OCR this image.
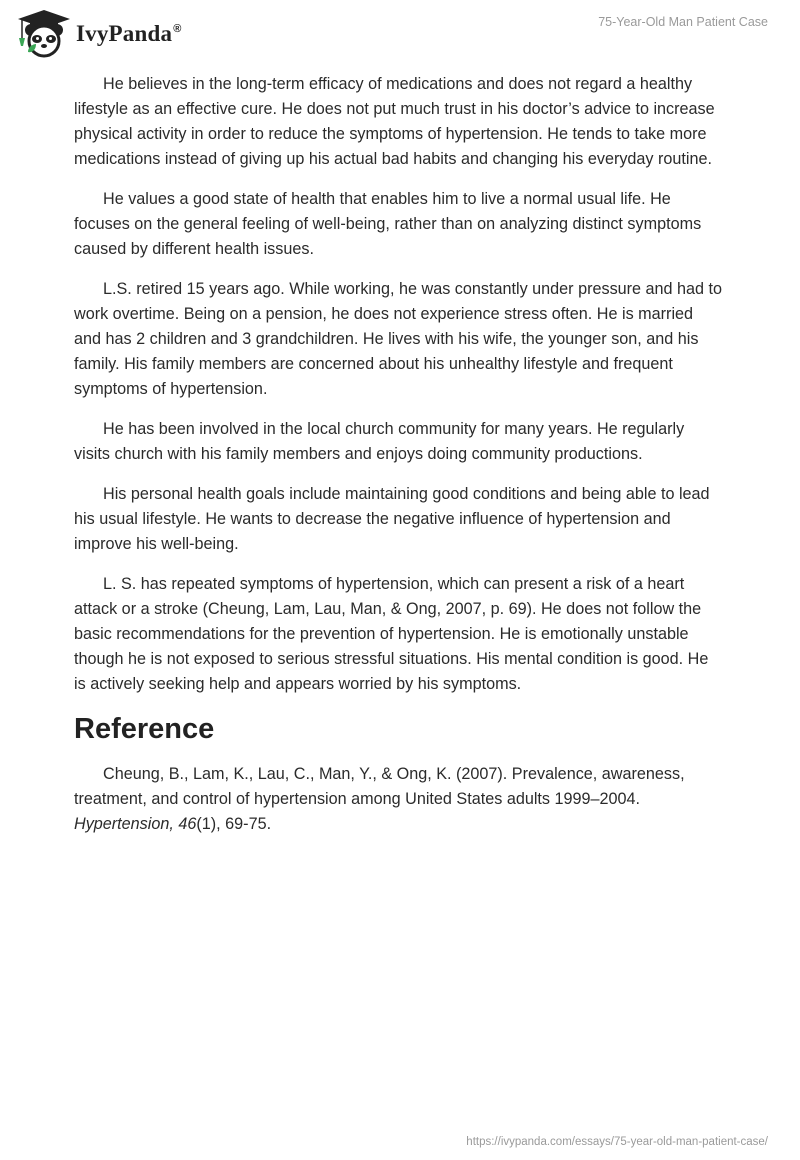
IvyPanda®
75-Year-Old Man Patient Case

He believes in the long-term efficacy of medications and does not regard a healthy lifestyle as an effective cure. He does not put much trust in his doctor’s advice to increase physical activity in order to reduce the symptoms of hypertension. He tends to take more medications instead of giving up his actual bad habits and changing his everyday routine.

He values a good state of health that enables him to live a normal usual life. He focuses on the general feeling of well-being, rather than on analyzing distinct symptoms caused by different health issues.

L.S. retired 15 years ago. While working, he was constantly under pressure and had to work overtime. Being on a pension, he does not experience stress often. He is married and has 2 children and 3 grandchildren. He lives with his wife, the younger son, and his family. His family members are concerned about his unhealthy lifestyle and frequent symptoms of hypertension.

He has been involved in the local church community for many years. He regularly visits church with his family members and enjoys doing community productions.

His personal health goals include maintaining good conditions and being able to lead his usual lifestyle. He wants to decrease the negative influence of hypertension and improve his well-being.

L. S. has repeated symptoms of hypertension, which can present a risk of a heart attack or a stroke (Cheung, Lam, Lau, Man, & Ong, 2007, p. 69). He does not follow the basic recommendations for the prevention of hypertension. He is emotionally unstable though he is not exposed to serious stressful situations. His mental condition is good. He is actively seeking help and appears worried by his symptoms.

Reference

Cheung, B., Lam, K., Lau, C., Man, Y., & Ong, K. (2007). Prevalence, awareness, treatment, and control of hypertension among United States adults 1999–2004. Hypertension, 46(1), 69-75.

https://ivypanda.com/essays/75-year-old-man-patient-case/
